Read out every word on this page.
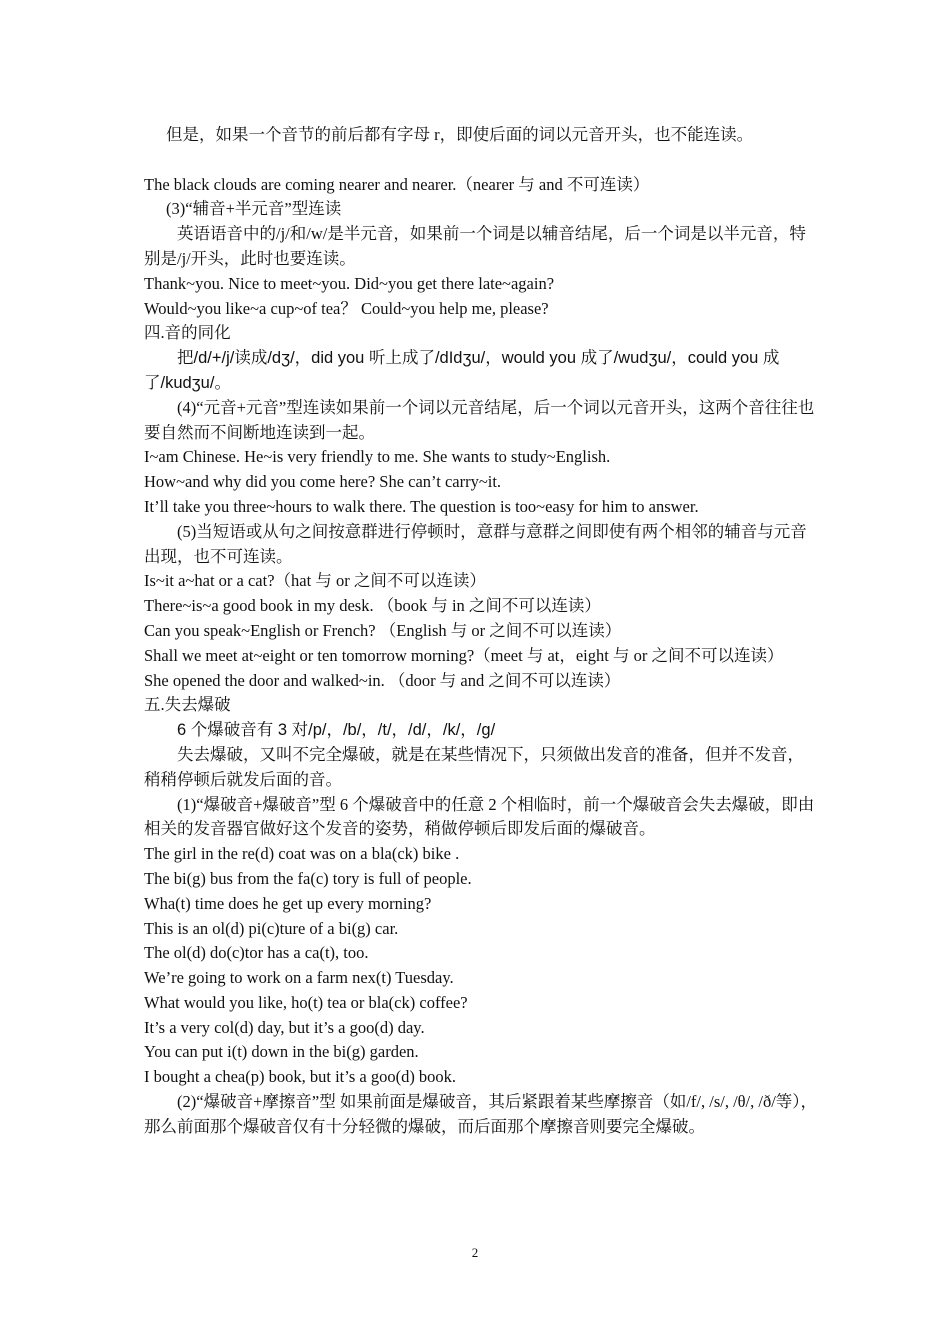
但是，如果一个音节的前后都有字母 r，即使后面的词以元音开头，也不能连读。

The black clouds are coming nearer and nearer.（nearer 与 and 不可连读）

(3)“辅音+半元音”型连读

英语语音中的/j/和/w/是半元音，如果前一个词是以辅音结尾，后一个词是以半元音，特别是/j/开头，此时也要连读。

Thank~you. Nice to meet~you. Did~you get there late~again?

Would~you like~a cup~of tea？ Could~you help me, please?

四.音的同化

把/d/+/j/读成/dʒ/，did you 听上成了/dIdʒu/，would you 成了/wudʒu/，could you 成了/kudʒu/。

(4)“元音+元音”型连读如果前一个词以元音结尾，后一个词以元音开头，这两个音往往也要自然而不间断地连读到一起。

I~am Chinese. He~is very friendly to me. She wants to study~English.

How~and why did you come here? She can’t carry~it.

It’ll take you three~hours to walk there. The question is too~easy for him to answer.

(5)当短语或从句之间按意群进行停顿时，意群与意群之间即使有两个相邻的辅音与元音出现，也不可连读。

Is~it a~hat or a cat?（hat 与 or 之间不可以连读）

There~is~a good book in my desk. （book 与 in 之间不可以连读）

Can you speak~English or French? （English 与 or 之间不可以连读）

Shall we meet at~eight or ten tomorrow morning?（meet 与 at，eight 与 or 之间不可以连读）

She opened the door and walked~in. （door 与 and 之间不可以连读）

五.失去爆破

6 个爆破音有 3 对/p/，/b/，/t/，/d/，/k/，/g/

失去爆破，又叫不完全爆破，就是在某些情况下，只须做出发音的准备，但并不发音，稍稍停顿后就发后面的音。

(1)“爆破音+爆破音”型 6 个爆破音中的任意 2 个相临时，前一个爆破音会失去爆破，即由相关的发音器官做好这个发音的姿势，稍做停顿后即发后面的爆破音。

The girl in the re(d) coat was on a bla(ck) bike .

The bi(g) bus from the fa(c) tory is full of people.

Wha(t) time does he get up every morning?

This is an ol(d) pi(c)ture of a bi(g) car.

The ol(d) do(c)tor has a ca(t), too.

We’re going to work on a farm nex(t) Tuesday.

What would you like, ho(t) tea or bla(ck) coffee?

It’s a very col(d) day, but it’s a goo(d) day.

You can put i(t) down in the bi(g) garden.

I bought a chea(p) book, but it’s a goo(d) book.

(2)“爆破音+摩擦音”型 如果前面是爆破音，其后紧跟着某些摩擦音（如/f/, /s/, /θ/, /ð/等），那么前面那个爆破音仅有十分轻微的爆破，而后面那个摩擦音则要完全爆破。

2
